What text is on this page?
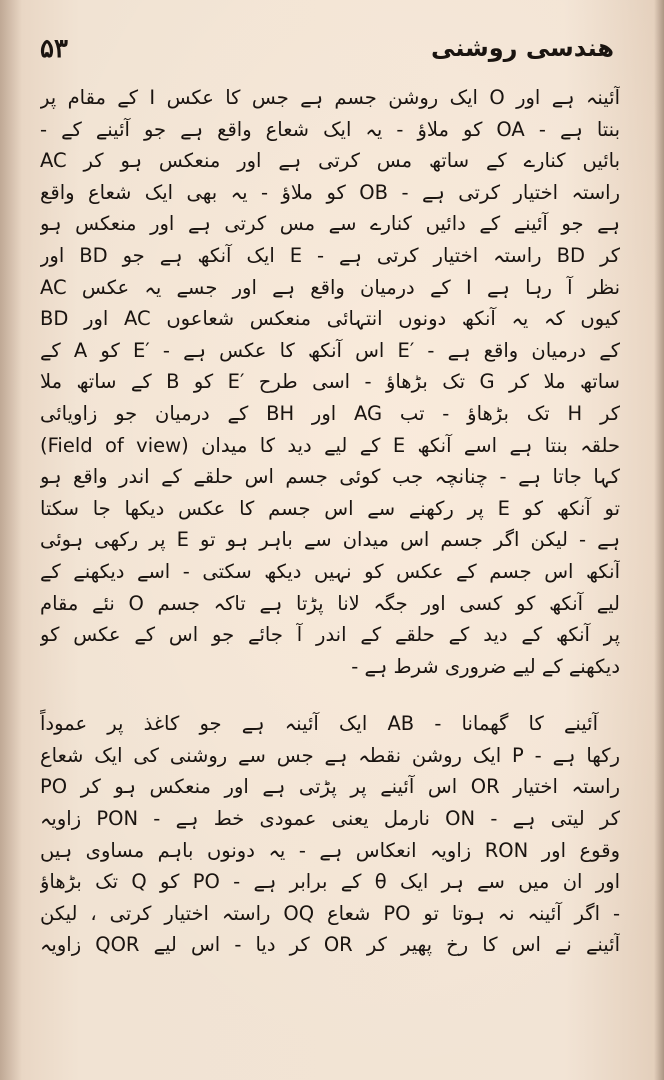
۵۳	هندسی روشنی
آئینہ ہے اور O ایک روشن جسم ہے جس کا عکس I کے مقام پر
بنتا ہے - OA کو ملاؤ - یہ ایک شعاع واقع ہے جو آئینے کے -
بائیں کنارے کے ساتھ مس کرتی ہے اور منعکس ہو کر AC
راستہ اختیار کرتی ہے - OB کو ملاؤ - یہ بھی ایک شعاع واقع
ہے جو آئینے کے دائیں کنارے سے مس کرتی ہے اور منعکس ہو
کر BD راستہ اختیار کرتی ہے - E ایک آنکھ ہے جو BD اور
AC کے درمیان واقع ہے اور جسے یہ عکس I نظر آ رہا ہے
کیوں کہ یہ آنکھ دونوں انتہائی منعکس شعاعوں AC اور BD
کے درمیان واقع ہے - ′E اس آنکھ کا عکس ہے - ′E کو A کے
ساتھ ملا کر G تک بڑھاؤ - اسی طرح ′E کو B کے ساتھ ملا
کر H تک بڑھاؤ - تب AG اور BH کے درمیان جو زاویائی
حلقہ بنتا ہے اسے آنکھ E کے لیے دید کا میدان (Field of view)
کہا جاتا ہے - چنانچہ جب کوئی جسم اس حلقے کے اندر واقع ہو
تو آنکھ کو E پر رکھنے سے اس جسم کا عکس دیکھا جا سکتا
ہے - لیکن اگر جسم اس میدان سے باہر ہو تو E پر رکھی ہوئی
آنکھ اس جسم کے عکس کو نہیں دیکھ سکتی - اسے دیکھنے کے
لیے آنکھ کو کسی اور جگہ لانا پڑتا ہے تاکہ جسم O نئے مقام
پر آنکھ کے دید کے حلقے کے اندر آ جائے جو اس کے عکس کو
دیکھنے کے لیے ضروری شرط ہے -
آئینے کا گھمانا - AB ایک آئینہ ہے جو کاغذ پر عموداً
رکھا ہے - P ایک روشن نقطہ ہے جس سے روشنی کی ایک شعاع
PO اس آئینے پر پڑتی ہے اور منعکس ہو کر OR راستہ اختیار
کر لیتی ہے - ON نارمل یعنی عمودی خط ہے - PON زاویہ
وقوع اور RON زاویہ انعکاس ہے - یہ دونوں باہم مساوی ہیں
اور ان میں سے ہر ایک θ کے برابر ہے - PO کو Q تک بڑھاؤ
- اگر آئینہ نہ ہوتا تو PO شعاع OQ راستہ اختیار کرتی ، لیکن
آئینے نے اس کا رخ پھیر کر OR کر دیا - اس لیے QOR زاویہ
